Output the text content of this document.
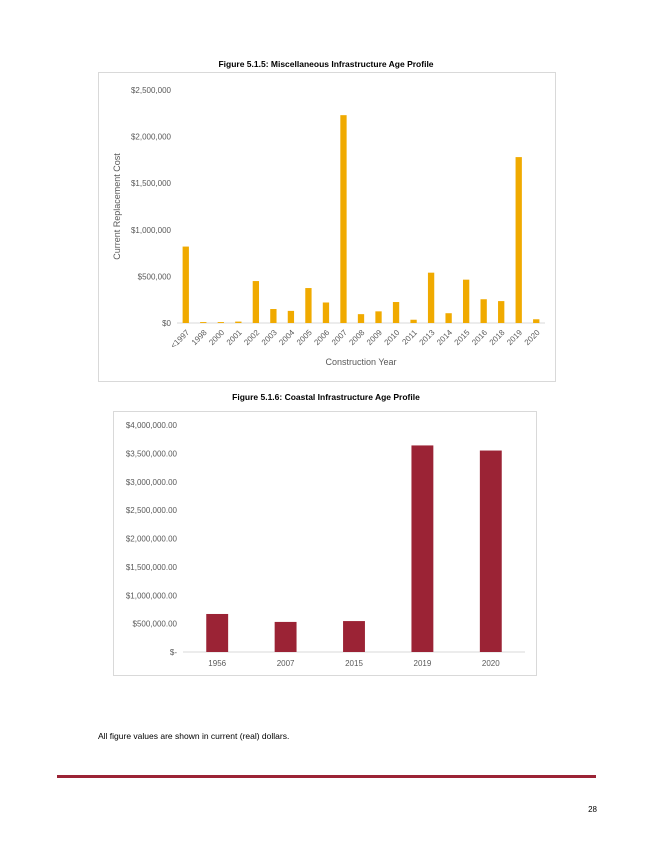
Figure 5.1.5: Miscellaneous Infrastructure Age Profile

$0
$500,000
$1,000,000
$1,500,000
$2,000,000
$2,500,000
<1997
1998
2000
2001
2002
2003
2004
2005
2006
2007
2008
2009
2010
2011
2013
2014
2015
2016
2018
2019
2020
Construction Year
Current Replacement Cost

Figure 5.1.6: Coastal Infrastructure Age Profile

$-
$500,000.00
$1,000,000.00
$1,500,000.00
$2,000,000.00
$2,500,000.00
$3,000,000.00
$3,500,000.00
$4,000,000.00
1956	2007	2015	2019	2020

All figure values are shown in current (real) dollars.

28
